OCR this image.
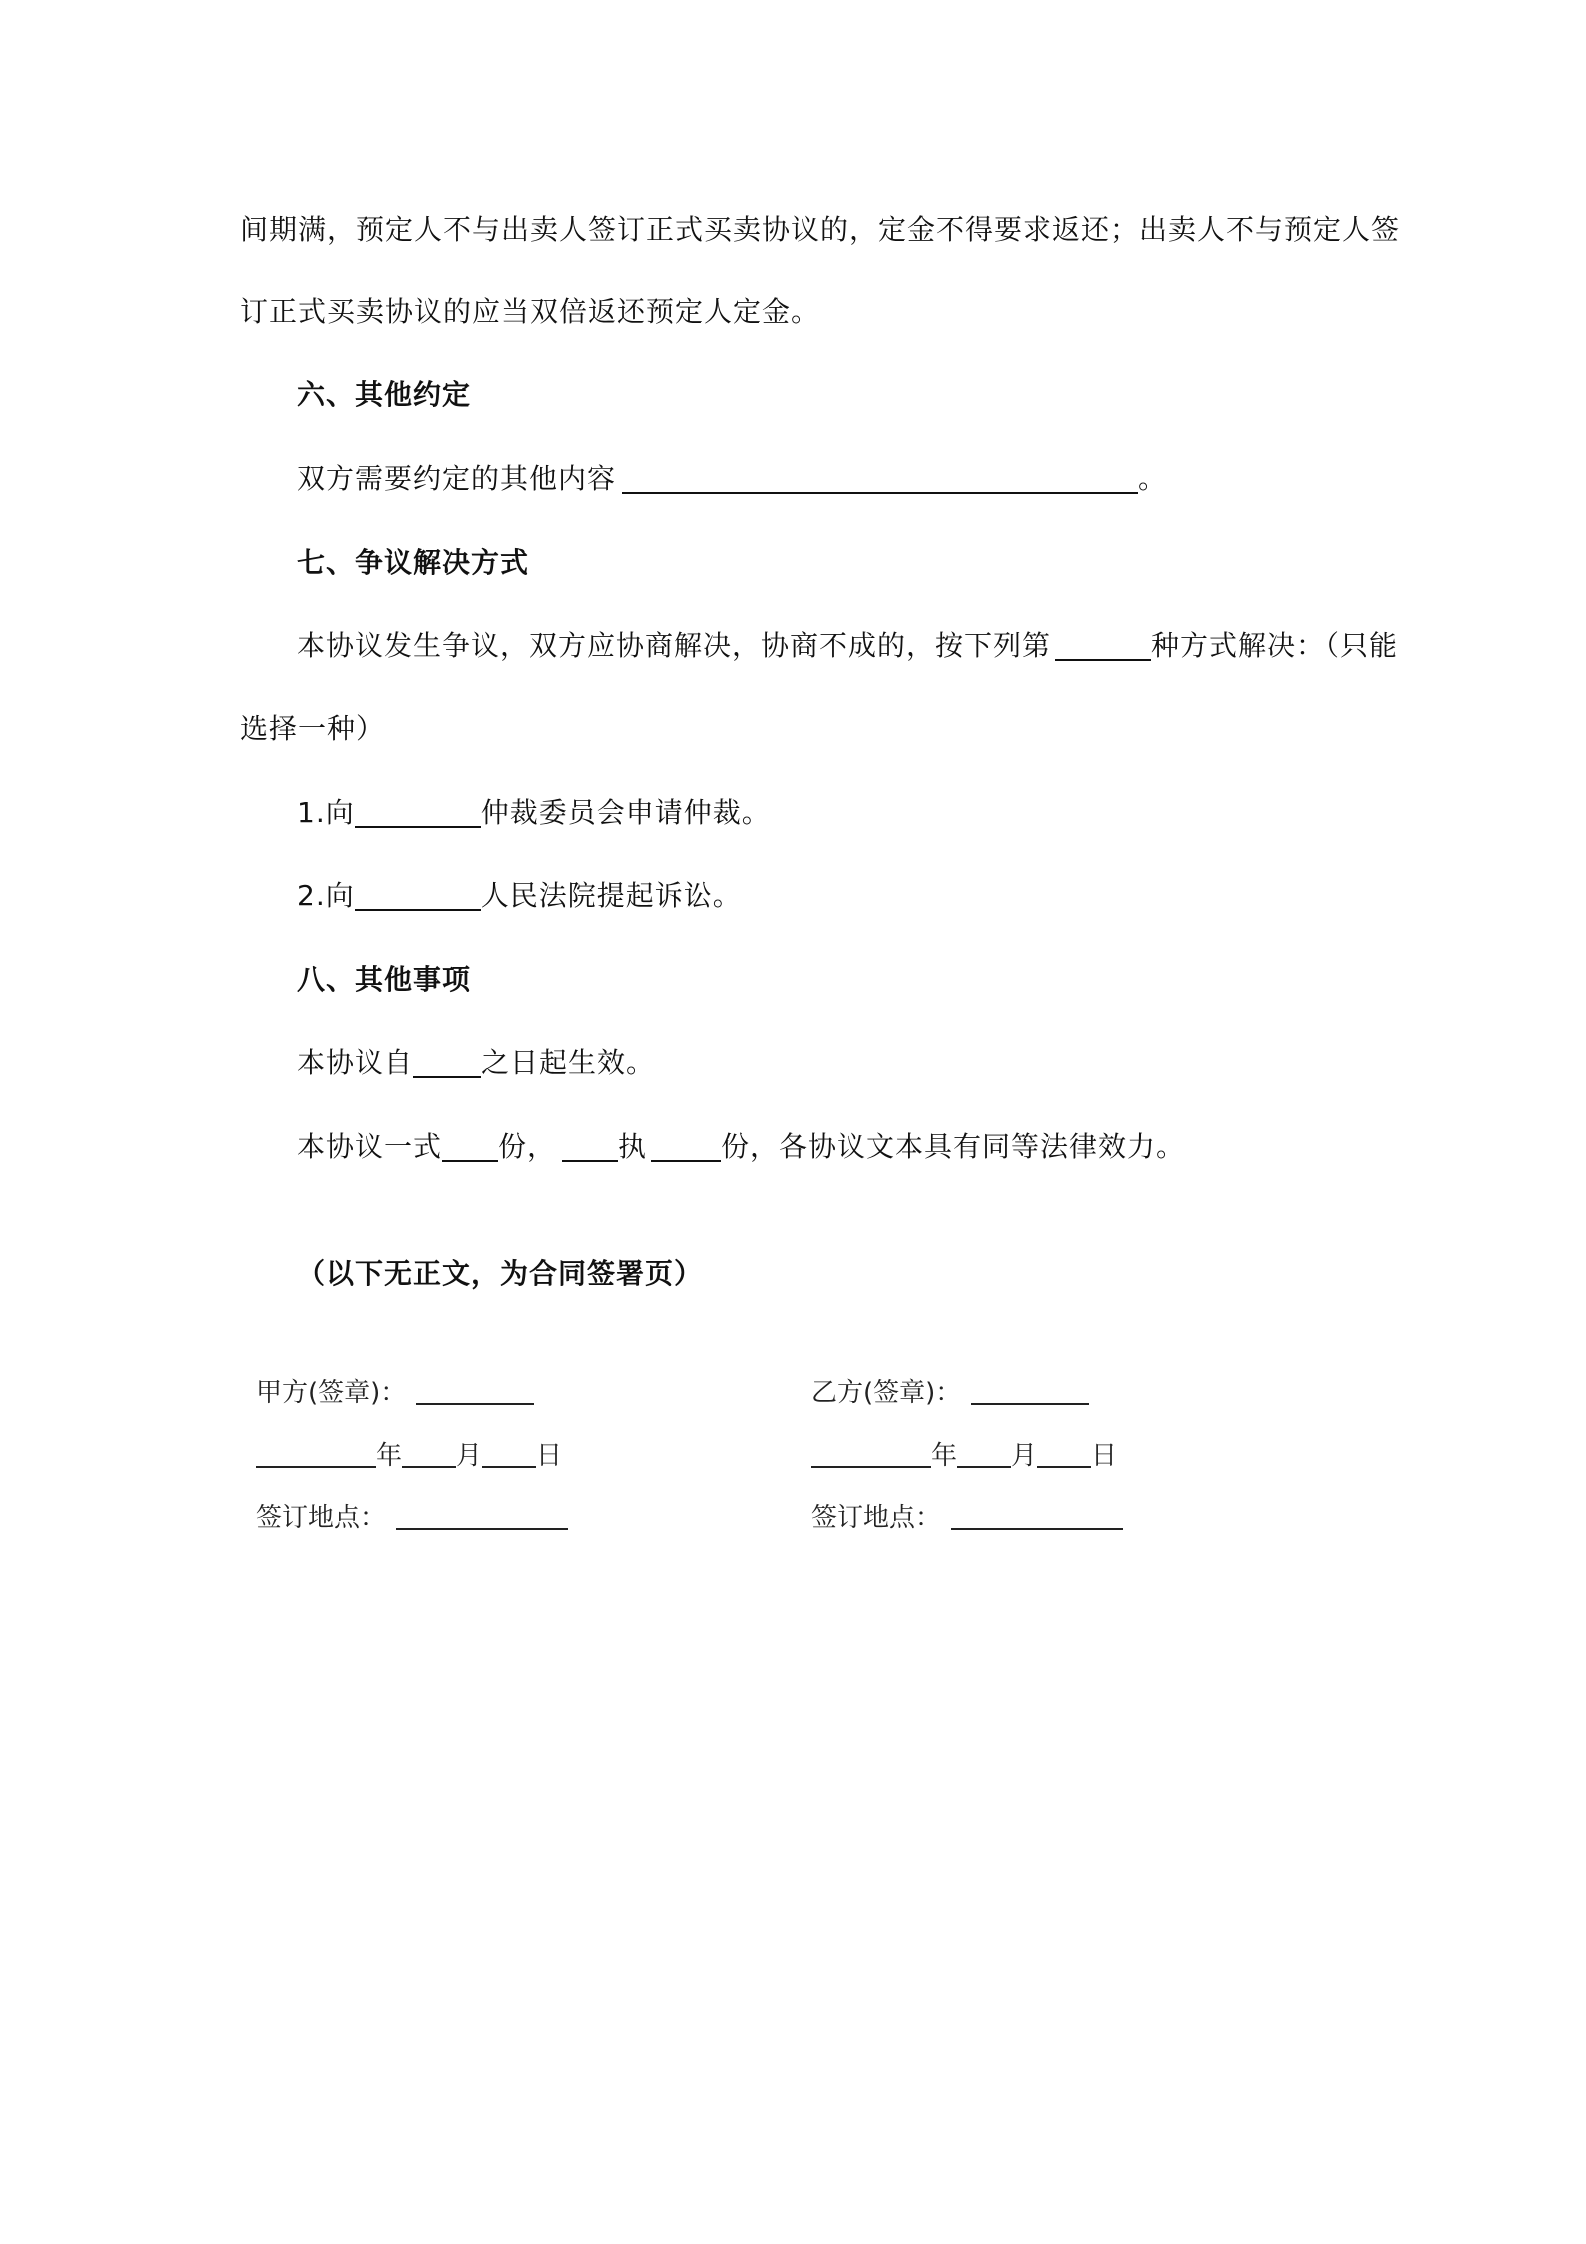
间期满，预定人不与出卖人签订正式买卖协议的，定金不得要求返还；出卖人不与预定人签
订正式买卖协议的应当双倍返还预定人定金。
六、其他约定
双方需要约定的其他内容	。
七、争议解决方式
本协议发生争议，双方应协商解决，协商不成的，按下列第	种方式解决：（只能
选择一种）
1.向	仲裁委员会申请仲裁。
2.向	人民法院提起诉讼。
八、其他事项
本协议自 之日起生效。
本协议一式 份， 执	份，各协议文本具有同等法律效力。
（以下无正文，为合同签署页）
甲方(签章)：
年 月 日
签订地点：
乙方(签章)：
年 月 日
签订地点：
